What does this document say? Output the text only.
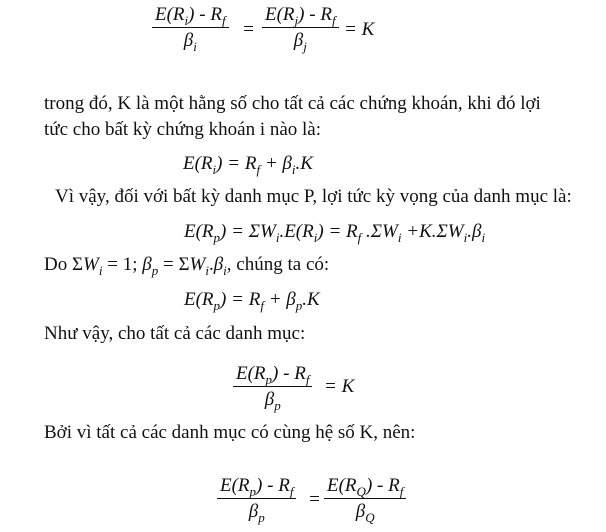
$E(R_i) - R_f$
$\beta_i$
$E(R_j) - R_f$
$\beta_j$
=	= K
trong đó, K là một hằng số cho tất cả các chứng khoán, khi đó lợi
tức cho bất kỳ chứng khoán i nào là:
$E(R_i) = R_f + \beta_i.K$
Vì vậy, đối với bất kỳ danh mục P, lợi tức kỳ vọng của danh mục là:
$E(R_p) = \Sigma W_i.E(R_i) = R_f$ $.\Sigma W_i +K.\Sigma W_i.\beta_i$
Do $\Sigma W_i = 1$; $\beta_p = \Sigma W_i.\beta_i$, chúng ta có:
$E(R_p) = R_f + \beta_p.K$
Như vậy, cho tất cả các danh mục:
$E(R_p) - R_f$
$\beta_p$
= K
Bởi vì tất cả các danh mục có cùng hệ số K, nên:
$E(R_p) - R_f$
$\beta_p$
=
$E(R_Q) - R_f$
$\beta_Q$
